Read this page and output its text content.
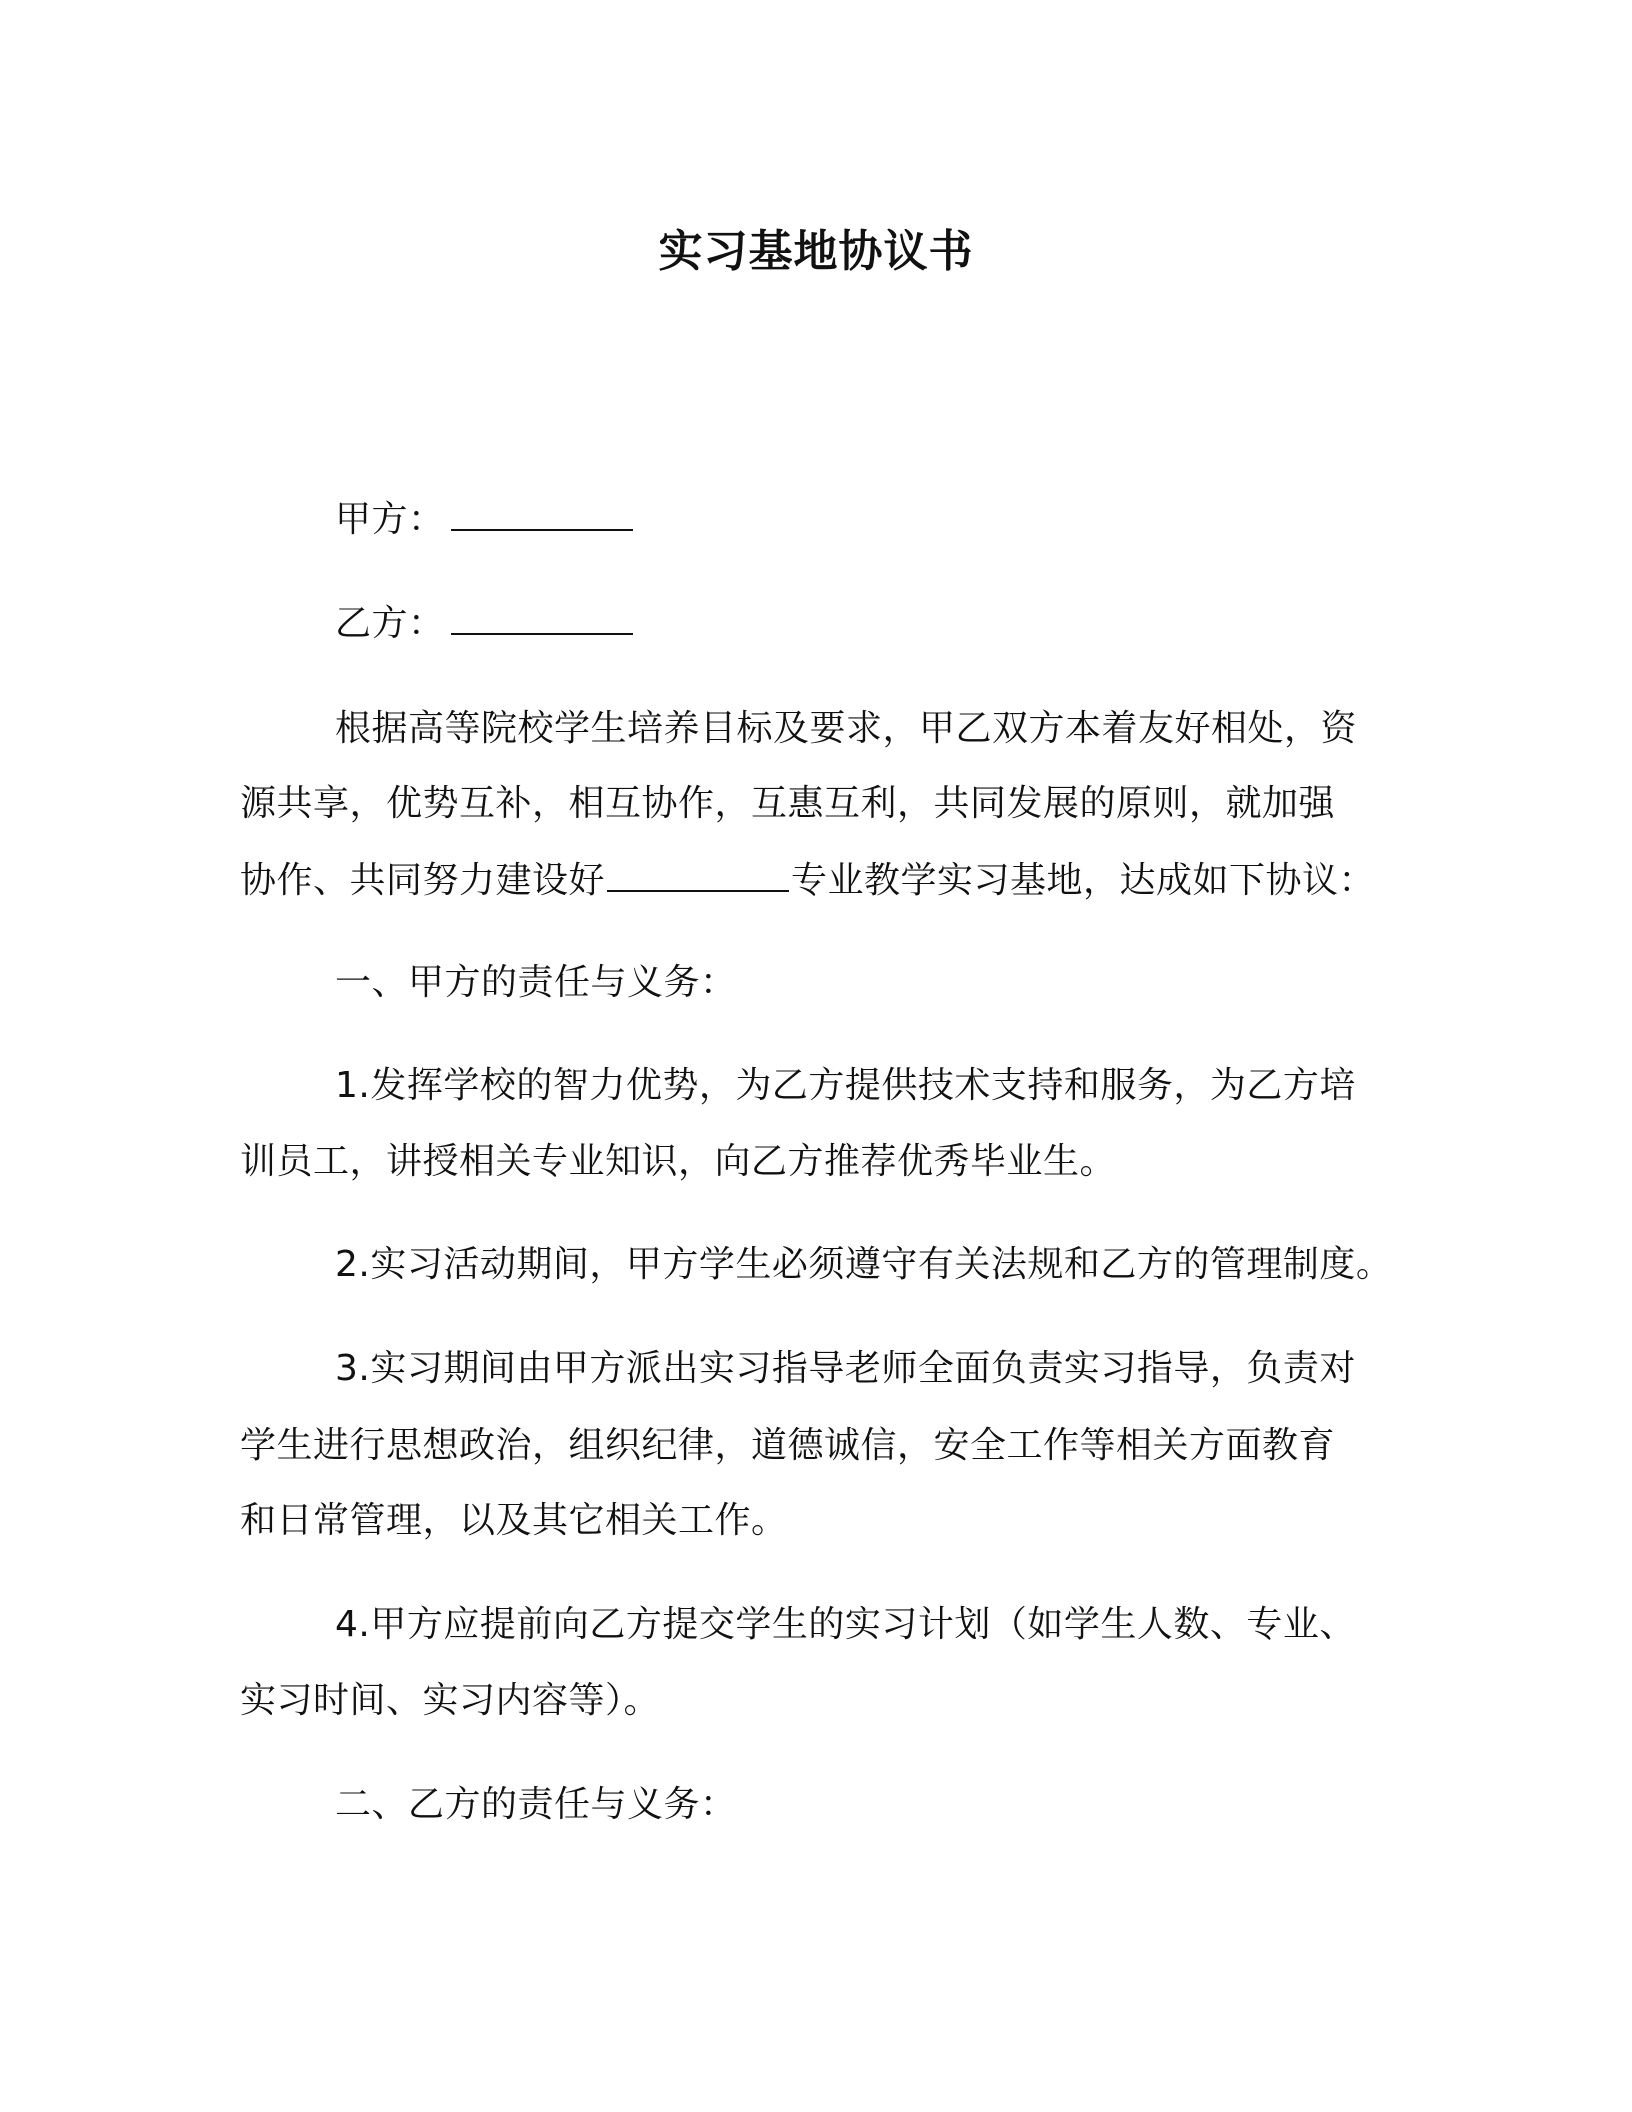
实习基地协议书
甲方：
乙方：
根据高等院校学生培养目标及要求，甲乙双方本着友好相处，资
源共享，优势互补，相互协作，互惠互利，共同发展的原则，就加强
协作、共同努力建设好	专业教学实习基地，达成如下协议：
一、甲方的责任与义务：
1.发挥学校的智力优势，为乙方提供技术支持和服务，为乙方培
训员工，讲授相关专业知识，向乙方推荐优秀毕业生。
2.实习活动期间，甲方学生必须遵守有关法规和乙方的管理制度。
3.实习期间由甲方派出实习指导老师全面负责实习指导，负责对
学生进行思想政治，组织纪律，道德诚信，安全工作等相关方面教育
和日常管理，以及其它相关工作。
4.甲方应提前向乙方提交学生的实习计划（如学生人数、专业、
实习时间、实习内容等）。
二、乙方的责任与义务：
